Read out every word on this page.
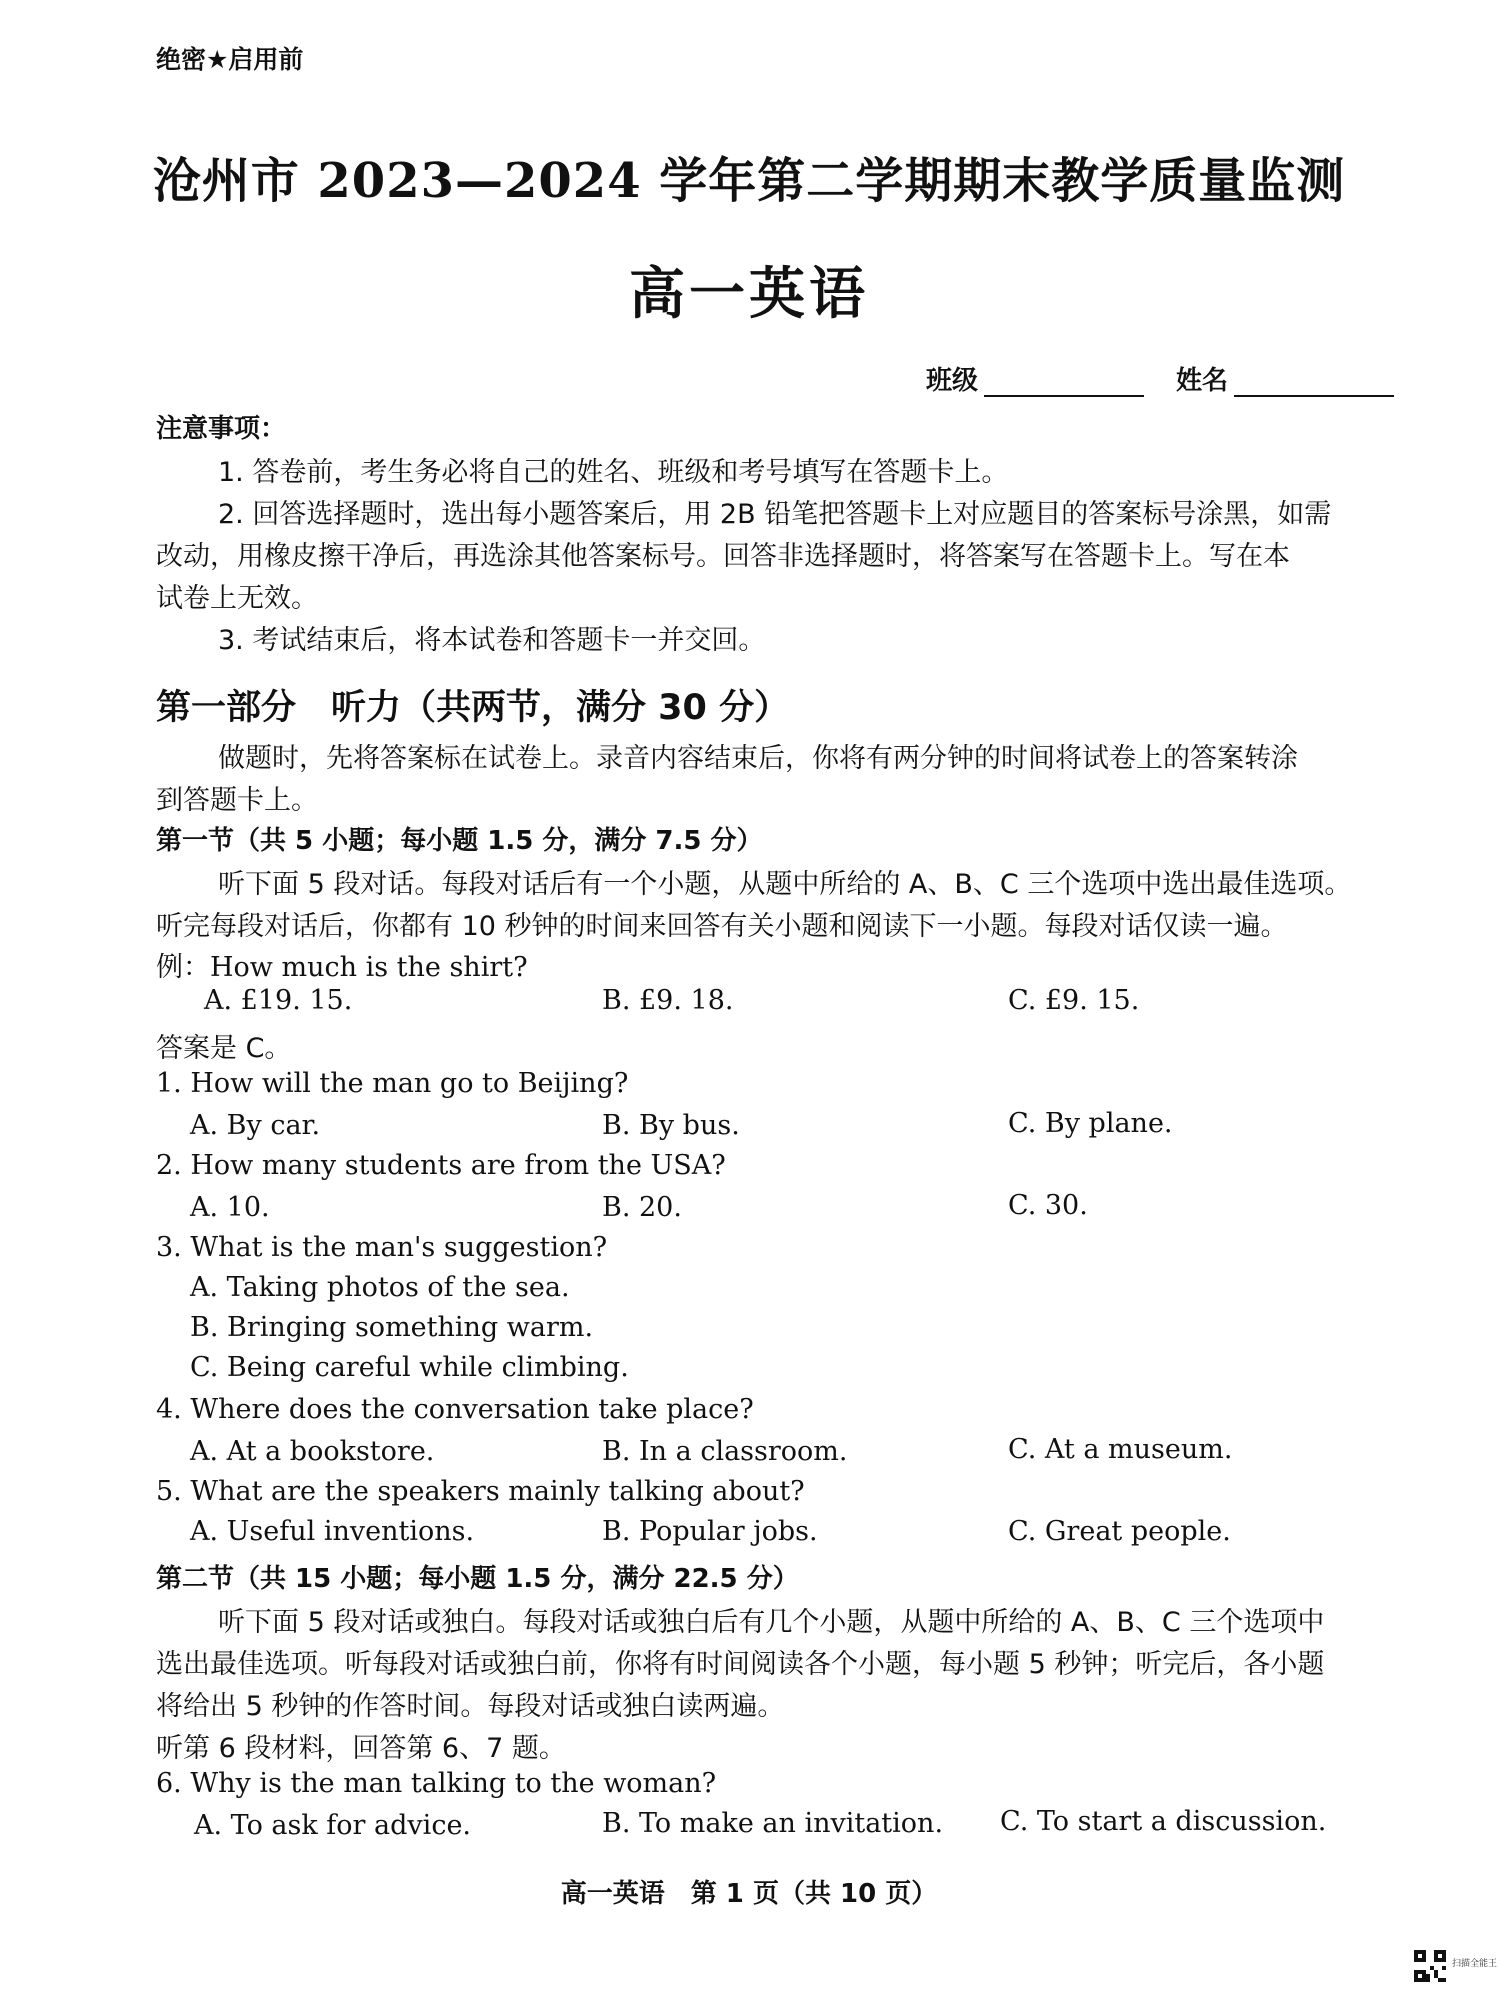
绝密★启用前
沧州市 2023—2024 学年第二学期期末教学质量监测
高一英语
班级	姓名
注意事项：
1. 答卷前，考生务必将自己的姓名、班级和考号填写在答题卡上。
2. 回答选择题时，选出每小题答案后，用 2B 铅笔把答题卡上对应题目的答案标号涂黑，如需
改动，用橡皮擦干净后，再选涂其他答案标号。回答非选择题时，将答案写在答题卡上。写在本
试卷上无效。
3. 考试结束后，将本试卷和答题卡一并交回。
第一部分　听力（共两节，满分 30 分）
做题时，先将答案标在试卷上。录音内容结束后，你将有两分钟的时间将试卷上的答案转涂
到答题卡上。
第一节（共 5 小题；每小题 1.5 分，满分 7.5 分）
听下面 5 段对话。每段对话后有一个小题，从题中所给的 A、B、C 三个选项中选出最佳选项。
听完每段对话后，你都有 10 秒钟的时间来回答有关小题和阅读下一小题。每段对话仅读一遍。
例：How much is the shirt?
A. £19. 15.	B. £9. 18.	C. £9. 15.
答案是 C。
1. How will the man go to Beijing?
A. By car.	B. By bus.	C. By plane.
2. How many students are from the USA?
A. 10.	B. 20.	C. 30.
3. What is the man's suggestion?
A. Taking photos of the sea.
B. Bringing something warm.
C. Being careful while climbing.
4. Where does the conversation take place?
A. At a bookstore.	B. In a classroom.	C. At a museum.
5. What are the speakers mainly talking about?
A. Useful inventions.	B. Popular jobs.	C. Great people.
第二节（共 15 小题；每小题 1.5 分，满分 22.5 分）
听下面 5 段对话或独白。每段对话或独白后有几个小题，从题中所给的 A、B、C 三个选项中
选出最佳选项。听每段对话或独白前，你将有时间阅读各个小题，每小题 5 秒钟；听完后，各小题
将给出 5 秒钟的作答时间。每段对话或独白读两遍。
听第 6 段材料，回答第 6、7 题。
6. Why is the man talking to the woman?
A. To ask for advice.	B. To make an invitation. C. To start a discussion.
高一英语　第 1 页（共 10 页）
扫描全能王
